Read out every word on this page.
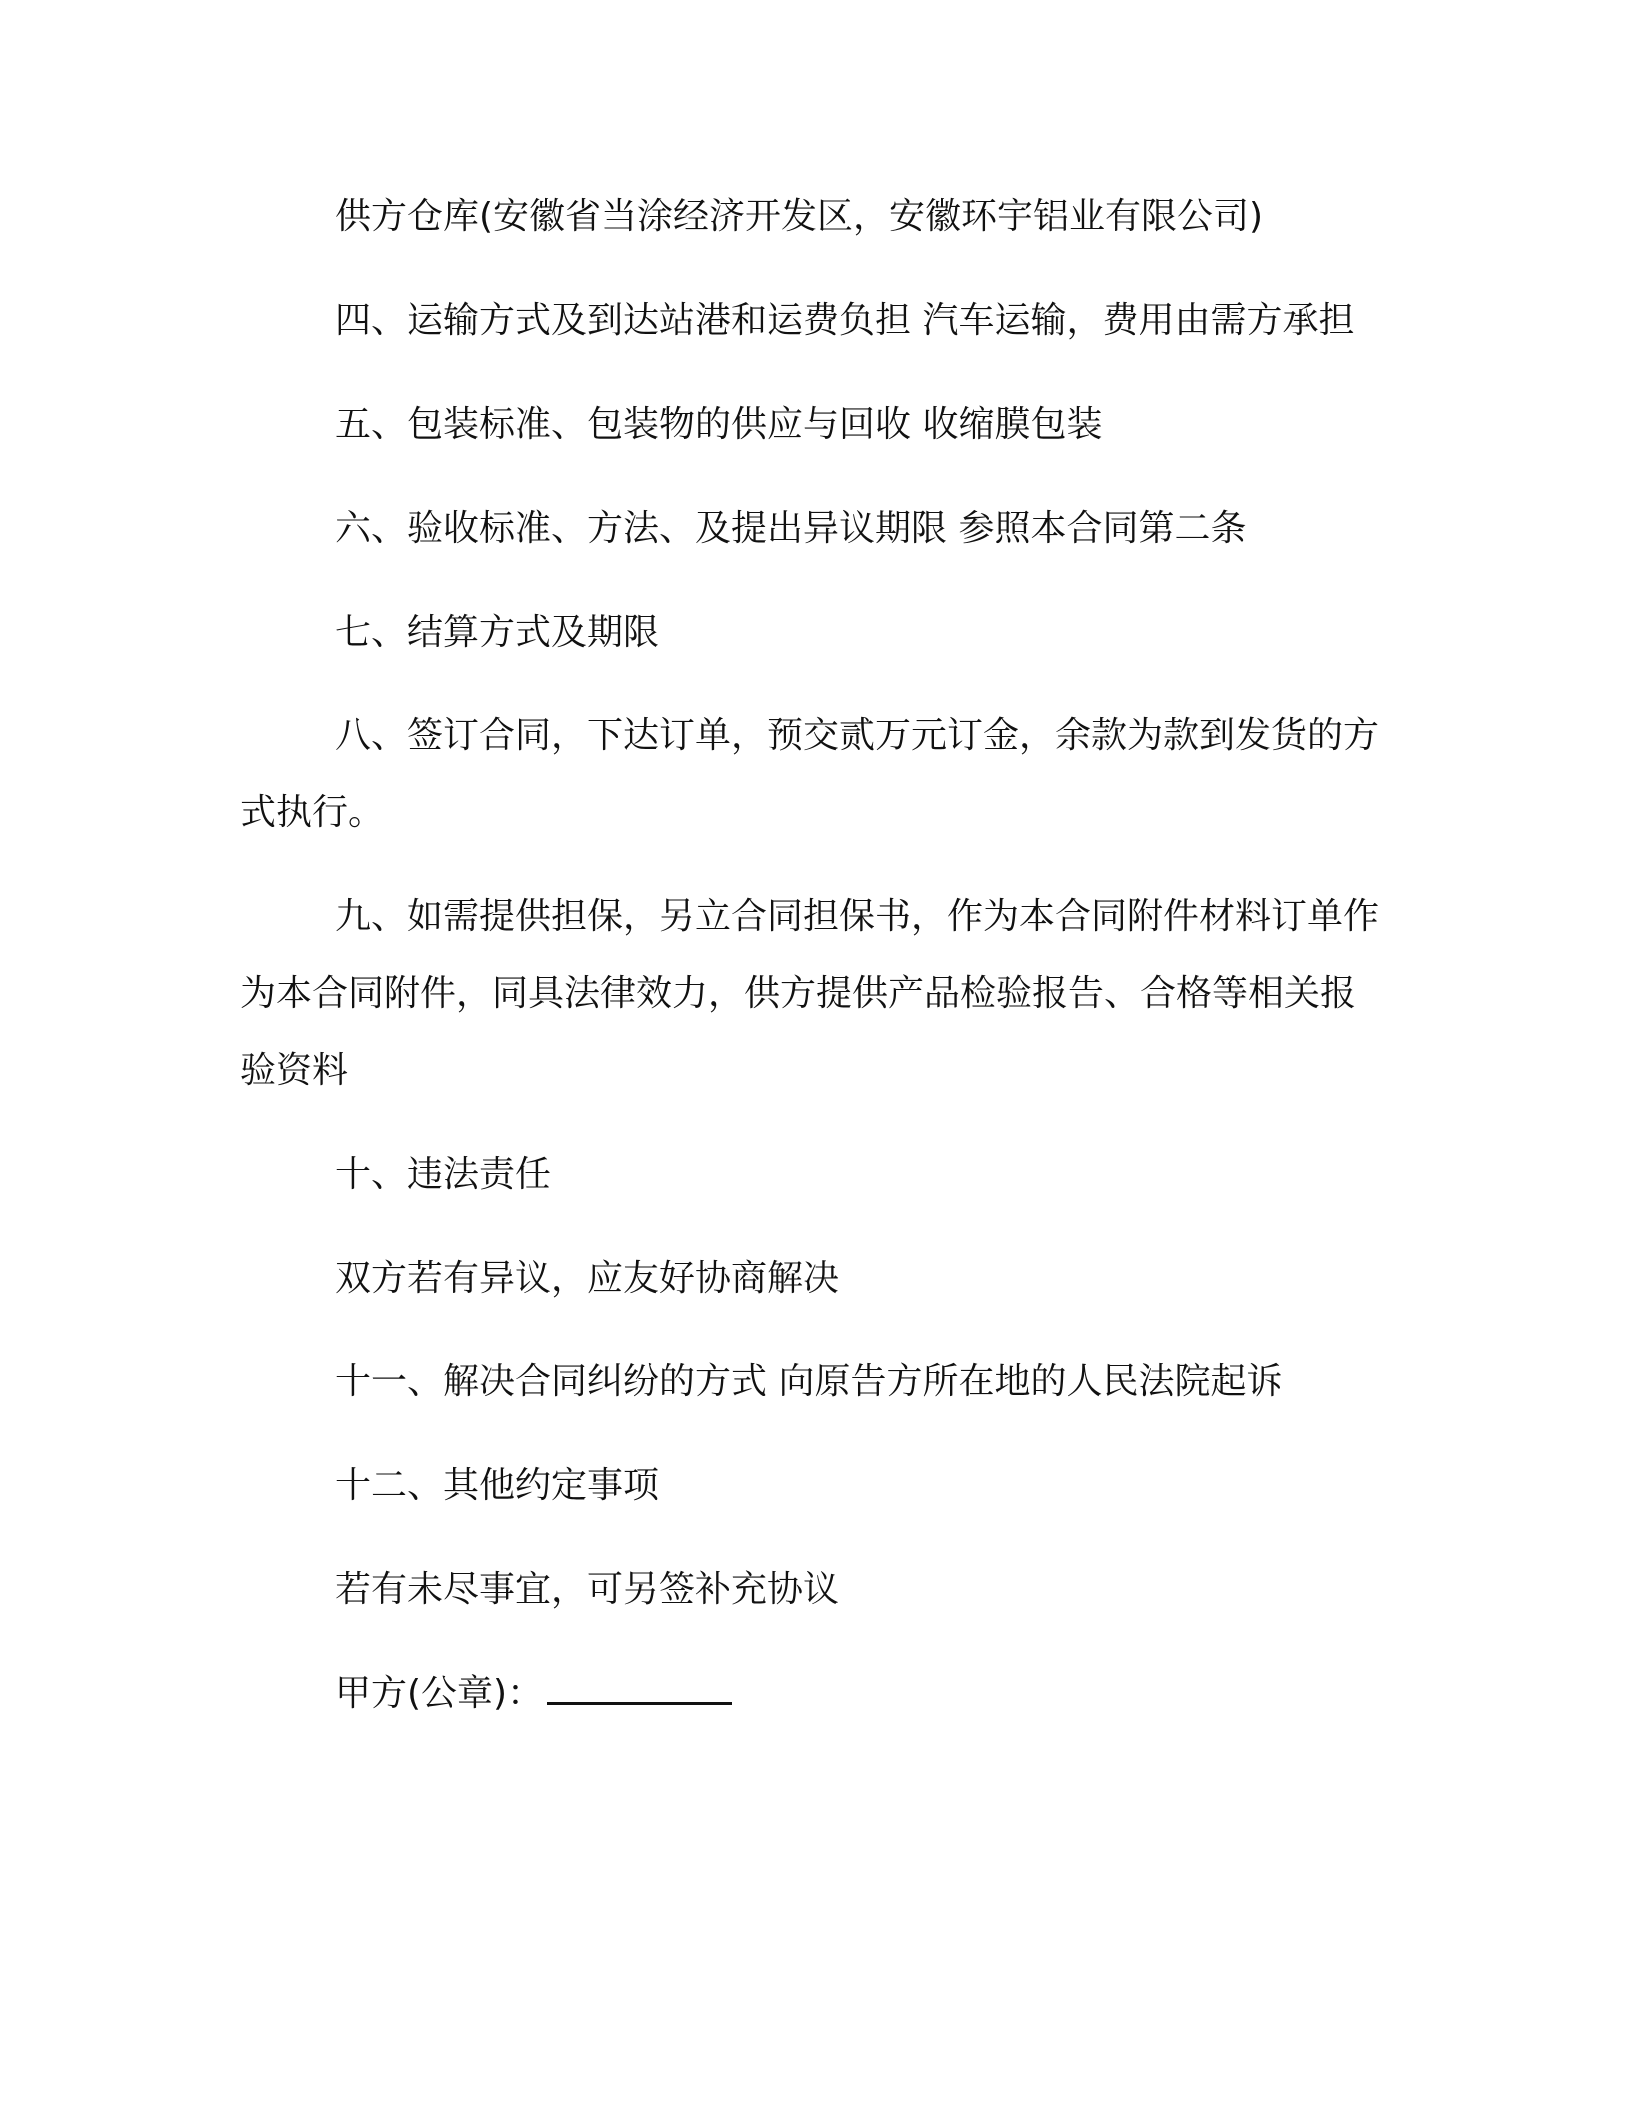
供方仓库(安徽省当涂经济开发区，安徽环宇铝业有限公司)

四、运输方式及到达站港和运费负担 汽车运输，费用由需方承担

五、包装标准、包装物的供应与回收 收缩膜包装

六、验收标准、方法、及提出异议期限 参照本合同第二条

七、结算方式及期限

八、签订合同，下达订单，预交贰万元订金，余款为款到发货的方式执行。

九、如需提供担保，另立合同担保书，作为本合同附件材料订单作为本合同附件，同具法律效力，供方提供产品检验报告、合格等相关报验资料

十、违法责任

双方若有异议，应友好协商解决

十一、解决合同纠纷的方式 向原告方所在地的人民法院起诉

十二、其他约定事项

若有未尽事宜，可另签补充协议

甲方(公章)：
